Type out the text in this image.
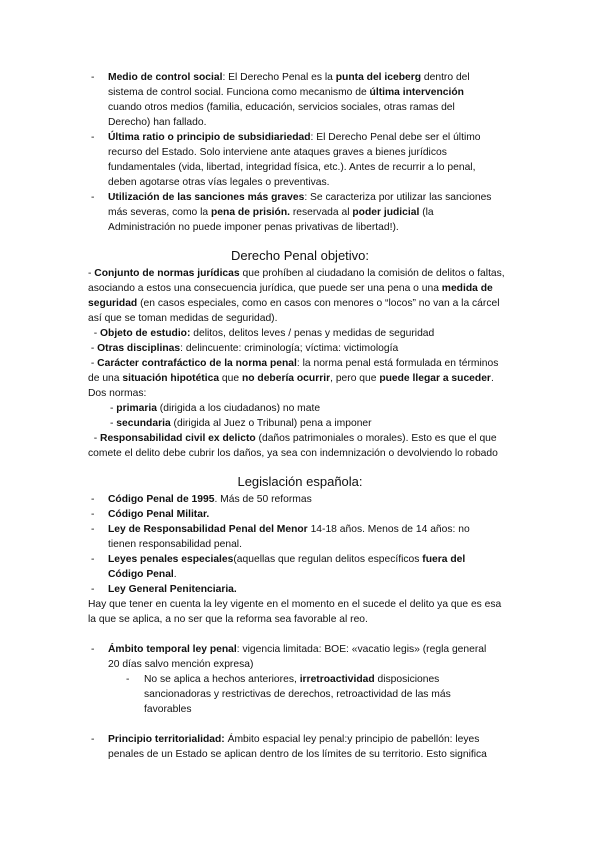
- Medio de control social: El Derecho Penal es la punta del iceberg dentro del
sistema de control social. Funciona como mecanismo de última intervención
cuando otros medios (familia, educación, servicios sociales, otras ramas del
Derecho) han fallado.
- Última ratio o principio de subsidiariedad: El Derecho Penal debe ser el último
recurso del Estado. Solo interviene ante ataques graves a bienes jurídicos
fundamentales (vida, libertad, integridad física, etc.). Antes de recurrir a lo penal,
deben agotarse otras vías legales o preventivas.
- Utilización de las sanciones más graves: Se caracteriza por utilizar las sanciones
más severas, como la pena de prisión. reservada al poder judicial (la
Administración no puede imponer penas privativas de libertad!).
Derecho Penal objetivo:
- Conjunto de normas jurídicas que prohíben al ciudadano la comisión de delitos o faltas,
asociando a estos una consecuencia jurídica, que puede ser una pena o una medida de
seguridad (en casos especiales, como en casos con menores o “locos” no van a la cárcel
así que se toman medidas de seguridad).
- Objeto de estudio: delitos, delitos leves / penas y medidas de seguridad
- Otras disciplinas: delincuente: criminología; víctima: victimología
- Carácter contrafáctico de la norma penal: la norma penal está formulada en términos
de una situación hipotética que no debería ocurrir, pero que puede llegar a suceder.
Dos normas:
- primaria (dirigida a los ciudadanos) no mate
- secundaria (dirigida al Juez o Tribunal) pena a imponer
- Responsabilidad civil ex delicto (daños patrimoniales o morales). Esto es que el que
comete el delito debe cubrir los daños, ya sea con indemnización o devolviendo lo robado
Legislación española:
- Código Penal de 1995. Más de 50 reformas
- Código Penal Militar.
- Ley de Responsabilidad Penal del Menor 14-18 años. Menos de 14 años: no
tienen responsabilidad penal.
- Leyes penales especiales(aquellas que regulan delitos específicos fuera del
Código Penal.
- Ley General Penitenciaria.
Hay que tener en cuenta la ley vigente en el momento en el sucede el delito ya que es esa
la que se aplica, a no ser que la reforma sea favorable al reo.
- Ámbito temporal ley penal: vigencia limitada: BOE: «vacatio legis» (regla general
20 días salvo mención expresa)
- No se aplica a hechos anteriores, irretroactividad disposiciones
sancionadoras y restrictivas de derechos, retroactividad de las más
favorables
- Principio territorialidad: Ámbito espacial ley penal:y principio de pabellón: leyes
penales de un Estado se aplican dentro de los límites de su territorio. Esto significa
